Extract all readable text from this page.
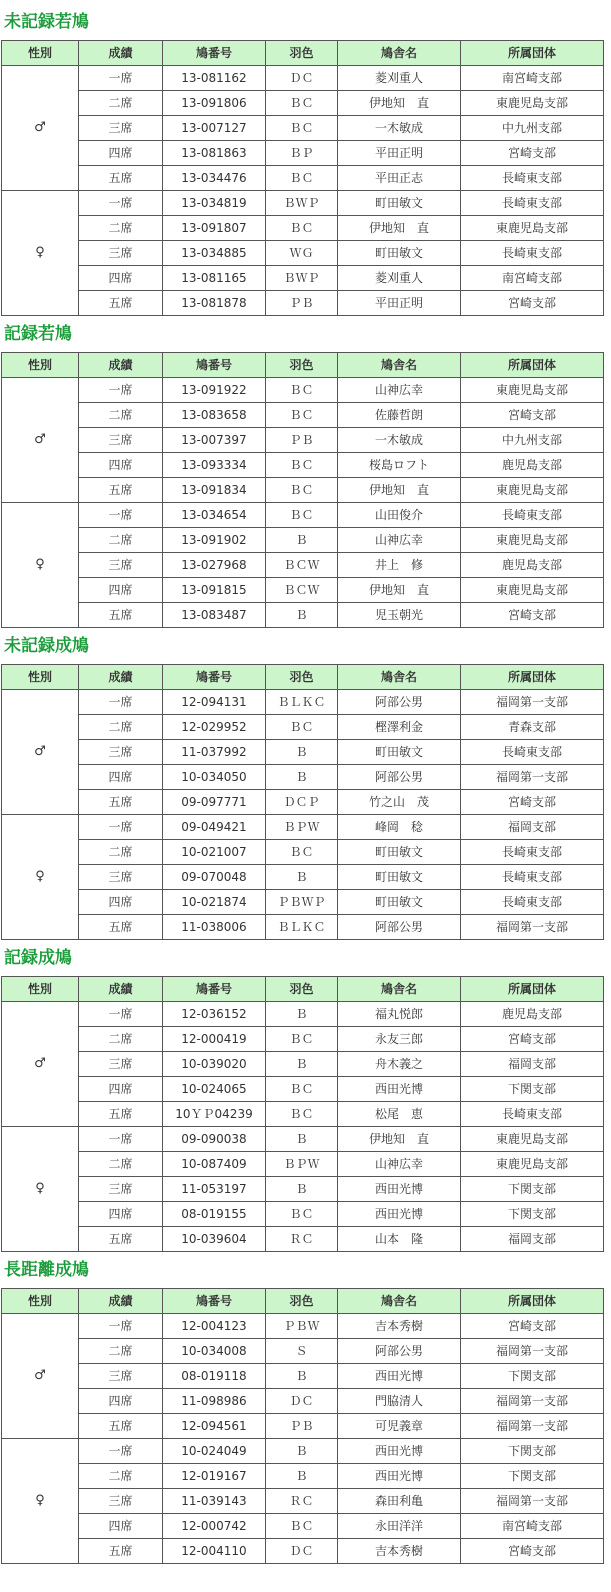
未記録若鳩
性別	成績	鳩番号	羽色	鳩舎名	所属団体
♂	一席	13-081162	ＤＣ	菱刈重人	南宮崎支部
	二席	13-091806	ＢＣ	伊地知　直	東鹿児島支部
	三席	13-007127	ＢＣ	一木敏成	中九州支部
	四席	13-081863	ＢＰ	平田正明	宮崎支部
	五席	13-034476	ＢＣ	平田正志	長崎東支部
♀	一席	13-034819	ＢＷＰ	町田敏文	長崎東支部
	二席	13-091807	ＢＣ	伊地知　直	東鹿児島支部
	三席	13-034885	ＷＧ	町田敏文	長崎東支部
	四席	13-081165	ＢＷＰ	菱刈重人	南宮崎支部
	五席	13-081878	ＰＢ	平田正明	宮崎支部
記録若鳩
性別	成績	鳩番号	羽色	鳩舎名	所属団体
♂	一席	13-091922	ＢＣ	山神広幸	東鹿児島支部
	二席	13-083658	ＢＣ	佐藤哲朗	宮崎支部
	三席	13-007397	ＰＢ	一木敏成	中九州支部
	四席	13-093334	ＢＣ	桜島ロフト	鹿児島支部
	五席	13-091834	ＢＣ	伊地知　直	東鹿児島支部
♀	一席	13-034654	ＢＣ	山田俊介	長崎東支部
	二席	13-091902	Ｂ	山神広幸	東鹿児島支部
	三席	13-027968	ＢＣＷ	井上　修	鹿児島支部
	四席	13-091815	ＢＣＷ	伊地知　直	東鹿児島支部
	五席	13-083487	Ｂ	児玉朝光	宮崎支部
未記録成鳩
性別	成績	鳩番号	羽色	鳩舎名	所属団体
♂	一席	12-094131	ＢＬＫＣ	阿部公男	福岡第一支部
	二席	12-029952	ＢＣ	樫澤利金	青森支部
	三席	11-037992	Ｂ	町田敏文	長崎東支部
	四席	10-034050	Ｂ	阿部公男	福岡第一支部
	五席	09-097771	ＤＣＰ	竹之山　茂	宮崎支部
♀	一席	09-049421	ＢＰＷ	峰岡　稔	福岡支部
	二席	10-021007	ＢＣ	町田敏文	長崎東支部
	三席	09-070048	Ｂ	町田敏文	長崎東支部
	四席	10-021874	ＰＢＷＰ	町田敏文	長崎東支部
	五席	11-038006	ＢＬＫＣ	阿部公男	福岡第一支部
記録成鳩
性別	成績	鳩番号	羽色	鳩舎名	所属団体
♂	一席	12-036152	Ｂ	福丸悦郎	鹿児島支部
	二席	12-000419	ＢＣ	永友三郎	宮崎支部
	三席	10-039020	Ｂ	舟木義之	福岡支部
	四席	10-024065	ＢＣ	西田光博	下関支部
	五席	10ＹＰ04239	ＢＣ	松尾　恵	長崎東支部
♀	一席	09-090038	Ｂ	伊地知　直	東鹿児島支部
	二席	10-087409	ＢＰＷ	山神広幸	東鹿児島支部
	三席	11-053197	Ｂ	西田光博	下関支部
	四席	08-019155	ＢＣ	西田光博	下関支部
	五席	10-039604	ＲＣ	山本　隆	福岡支部
長距離成鳩
性別	成績	鳩番号	羽色	鳩舎名	所属団体
♂	一席	12-004123	ＰＢＷ	吉本秀樹	宮崎支部
	二席	10-034008	Ｓ	阿部公男	福岡第一支部
	三席	08-019118	Ｂ	西田光博	下関支部
	四席	11-098986	ＤＣ	門脇清人	福岡第一支部
	五席	12-094561	ＰＢ	可児義章	福岡第一支部
♀	一席	10-024049	Ｂ	西田光博	下関支部
	二席	12-019167	Ｂ	西田光博	下関支部
	三席	11-039143	ＲＣ	森田利亀	福岡第一支部
	四席	12-000742	ＢＣ	永田洋洋	南宮崎支部
	五席	12-004110	ＤＣ	吉本秀樹	宮崎支部
